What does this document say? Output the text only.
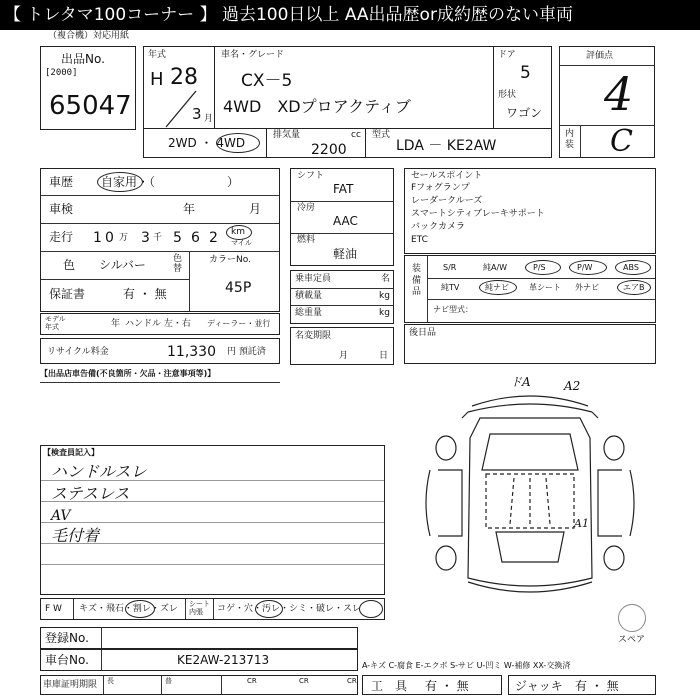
【 トレタマ100コーナー 】 過去100日以上 AA出品歴or成約歴のない車両
（複合機）対応用紙
出品No.
[2000]
65047
年式
H 28
3 月
車名・グレード
CX－5
4WD　XDプロアクティブ
ドア
5
形状
ワゴン
評価点
4
内装 C
2WD ・ 4WD
排気量
2200
cc 型式
LDA － KE2AW
車歴 自家用・（　　　　　　）
車検	年	月
走行 1 0 万 3 千 5 6 2 km
マイル
色 シルバー	色替
カラーNo.
45P
保証書	有 ・ 無
モデル年式	年 ハンドル 左・右 ディーラー・並行
リサイクル料金	11,330 円 預託済
シフト
FAT
冷房
AAC
燃料
軽油
乗車定員	名
積載量	kg
総重量	kg
名変期限
月	日
セールスポイント
Fフォグランプ
レーダークルーズ
スマートシティブレーキサポート
バックカメラ
ETC
装備品
S/R	純A/W	P/S	P/W	ABS
純TV	純ナビ	革シート 外ナビ	エアB
ナビ型式：
後日品
【出品店車告備(不良箇所・欠品・注意事項等)】
【検査員記入】
ハンドルスレ
ステスレス
AV
毛付着
ドA	A2
A1
スペア
F W キズ・飛石・割レ・ズレ シート 内張	コゲ・穴・汚レ・シミ・破レ・スレ
登録No.
車台No.	KE2AW-213713	A-キズ C-腐食 E-エクボ S-サビ U-凹ミ W-補修 XX-交換済
車庫証明期限 長	普	CR	CR	CR 工　具 有 ・ 無	ジャッキ 有 ・ 無
